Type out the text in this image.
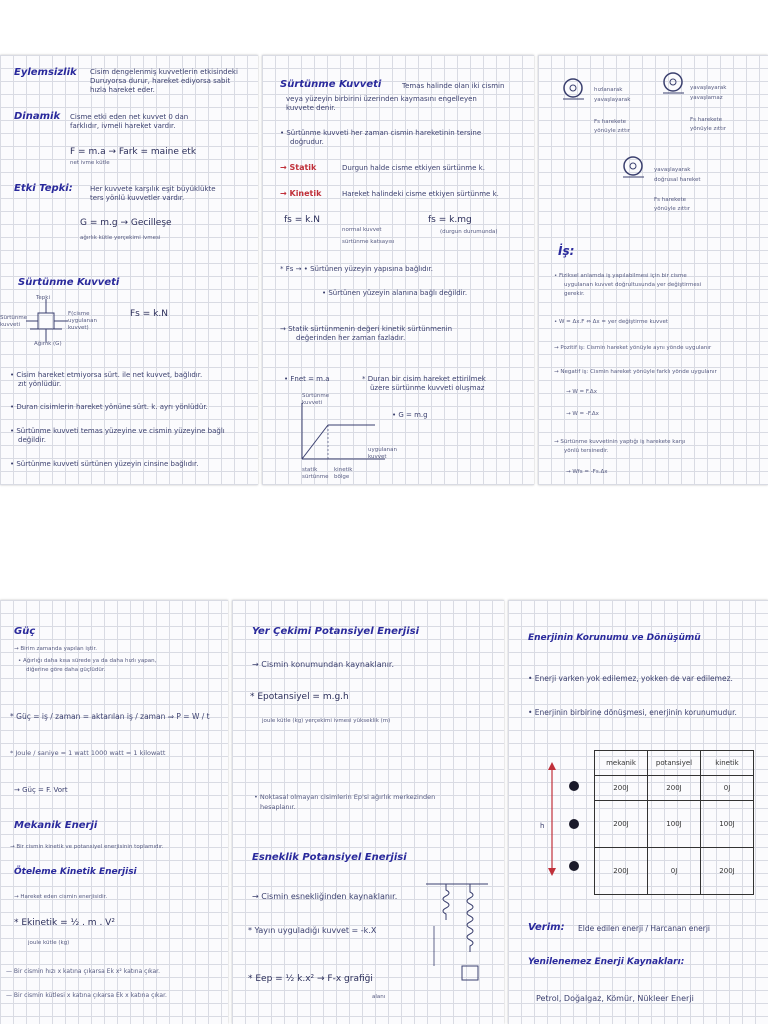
Eylemsizlik Cisim dengelenmiş kuvvetlerin etkisindeki
Duruyorsa durur, hareket ediyorsa sabit
hızla hareket eder.
Dinamik Cisme etki eden net kuvvet 0 dan
farklıdır, ivmeli hareket vardır.
F = m.a → Fark = maine etk
net ivme kütle
Etki Tepki: Her kuvvete karşılık eşit büyüklükte
ters yönlü kuvvetler vardır.
G = m.g → Gecilleşe
ağırlık kütle yerçekimi ivmesi
Sürtünme Kuvveti
Tepki
Sürtünme kuvveti
F(cisme uygulanan kuvvet)
Fs = k.N
Ağırlık (G)
• Cisim hareket etmiyorsa sürt. ile net kuvvet, bağlıdır.
zıt yönlüdür.
• Duran cisimlerin hareket yönüne sürt. k. ayrı yönlüdür.
• Sürtünme kuvveti temas yüzeyine ve cismin yüzeyine bağlı
değildir.
• Sürtünme kuvveti sürtünen yüzeyin cinsine bağlıdır.
Sürtünme Kuvveti	Temas halinde olan iki cismin
veya yüzeyin birbirini üzerinden kaymasını engelleyen
kuvvete denir.
• Sürtünme kuvveti her zaman cismin hareketinin tersine
doğrudur.
→ Statik	Durgun halde cisme etkiyen sürtünme k.
→ Kinetik	Hareket halindeki cisme etkiyen sürtünme k.
fs = k.N
normal kuvvet
sürtünme katsayısı
fs = k.mg
(durgun durumunda)
* Fs → • Sürtünen yüzeyin yapısına bağlıdır.
• Sürtünen yüzeyin alanına bağlı değildir.
→ Statik sürtünmenin değeri kinetik sürtünmenin
değerinden her zaman fazladır.
• Fnet = m.a	* Duran bir cisim hareket ettirilmek
üzere sürtünme kuvveti oluşmaz
• G = m.g
Sürtünme kuvveti
uygulanan kuvvet
statik sürtünme
kinetik bölge
hızlanarak
yavaşlayarak
Fs harekete
yönüyle zıttır
yavaşlayarak
yavaşlamaz
Fs harekete
yönüyle zıttır
yavaşlayarak
doğrusal hareket
Fs harekete
yönüyle zıttır
İş:
• Fiziksel anlamda iş yapılabilmesi için bir cisme
uygulanan kuvvet doğrultusunda yer değiştirmesi
gerekir.
• W = Δx.F ⇔ Δx = yer değiştirme kuvvet
→ Pozitif iş: Cismin hareket yönüyle aynı yönde uygulanır
→ Negatif iş: Cismin hareket yönüyle farklı yönde uygulanır
→ W = F.Δx
→ W = -F.Δx
→ Sürtünme kuvvetinin yaptığı iş harekete karşı
yönlü tersinedir.
→ Wfs = -Fs.Δx
Güç
→ Birim zamanda yapılan iştir.
• Ağırlığı daha kısa sürede ya da daha hızlı yapan,
diğerine göre daha güçlüdür.
* Güç = iş / zaman = aktarılan iş / zaman ⇒ P = W / t
* Joule / saniye = 1 watt 1000 watt = 1 kilowatt
→ Güç = F. Vort
Mekanik Enerji
→ Bir cismin kinetik ve potansiyel enerjisinin toplamıdır.
Öteleme Kinetik Enerjisi
→ Hareket eden cismin enerjisidir.
* Ekinetik = ½ . m . V²
joule kütle (kg)
— Bir cismin hızı x katına çıkarsa Ek x² katına çıkar.
— Bir cismin kütlesi x katına çıkarsa Ek x katına çıkar.
Yer Çekimi Potansiyel Enerjisi
→ Cismin konumundan kaynaklanır.
* Epotansiyel = m.g.h
joule kütle (kg) yerçekimi ivmesi yükseklik (m)
• Noktasal olmayan cisimlerin Ep'si ağırlık merkezinden
hesaplanır.
Esneklik Potansiyel Enerjisi
→ Cismin esnekliğinden kaynaklanır.
* Yayın uyguladığı kuvvet = -k.X
* Eep = ½ k.x² → F-x grafiği
alanı
Enerjinin Korunumu ve Dönüşümü
• Enerji varken yok edilemez, yokken de var edilemez.
• Enerjinin birbirine dönüşmesi, enerjinin korunumudur.
mekanik	potansiyel	kinetik
200J	200J	0J
200J	100J	100J
200J	0J	200J
h
Verim: Elde edilen enerji / Harcanan enerji
Yenilenemez Enerji Kaynakları:
Petrol, Doğalgaz, Kömür, Nükleer Enerji
